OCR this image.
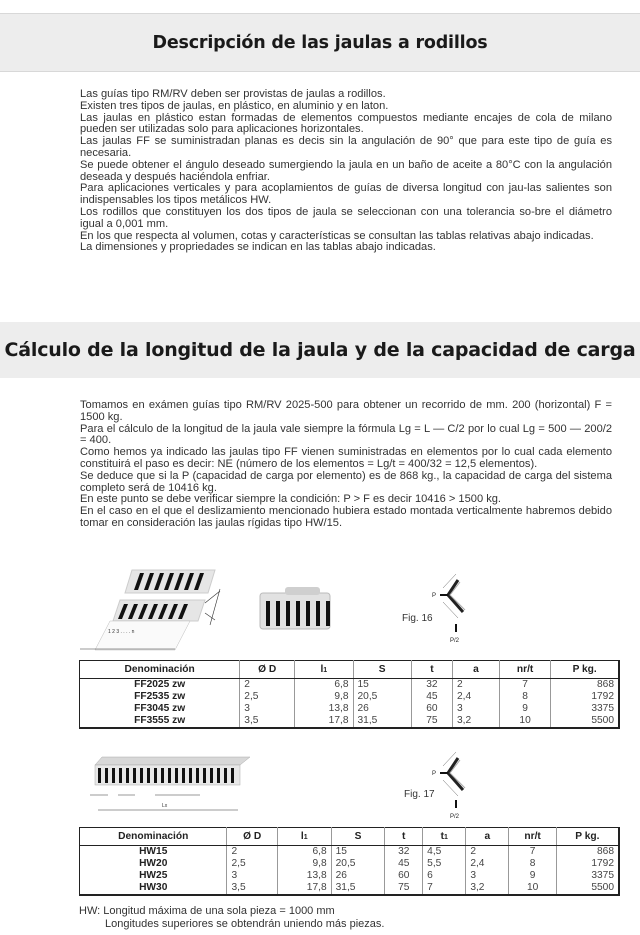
Descripción de las jaulas a rodillos

Las guías tipo RM/RV deben ser provistas de jaulas a rodillos.

Existen tres tipos de jaulas, en plástico, en aluminio y en laton.

Las jaulas en plástico estan formadas de elementos compuestos mediante encajes de cola de milano pueden ser utilizadas solo para aplicaciones horizontales.

Las jaulas FF se suministradan planas es decis sin la angulación de 90° que para este tipo de guía es necesaria.

Se puede obtener el ángulo deseado sumergiendo la jaula en un baño de aceite a 80°C con la angulación deseada y después haciéndola enfriar.

Para aplicaciones verticales y para acoplamientos de guías de diversa longitud con jau-las salientes son indispensables los tipos metálicos HW.

Los rodillos que constituyen los dos tipos de jaula se seleccionan con una tolerancia so-bre el diámetro igual a 0,001 mm.

En los que respecta al volumen, cotas y características se consultan las tablas relativas abajo indicadas.

La dimensiones y propriedades se indican en las tablas abajo indicadas.

Cálculo de la longitud de la jaula y de la capacidad de carga

Tomamos en exámen guías tipo RM/RV 2025-500 para obtener un recorrido de mm. 200 (horizontal) F = 1500 kg.

Para el cálculo de la longitud de la jaula vale siempre la fórmula Lg = L — C/2 por lo cual Lg = 500 — 200/2 = 400.

Como hemos ya indicado las jaulas tipo FF vienen suministradas en elementos por lo cual cada elemento constituirá el paso es decir: NE (número de los elementos = Lg/t = 400/32 = 12,5 elementos).

Se deduce que si la P (capacidad de carga por elemento) es de 868 kg., la capacidad de carga del sistema completo será de 10416 kg.

En este punto se debe verificar siempre la condición: P > F es decir 10416 > 1500 kg.

En el caso en el que el deslizamiento mencionado hubiera estado montada verticalmente habremos debido tomar en consideración las jaulas rígidas tipo HW/15.

1 2 3 . . . . n
Fig. 16
P
P/2
Denominación	Ø D	l1	S	t	a	nr/t	P kg.
FF2025 zw	2	6,8	15	32	2	7	868
FF2535 zw	2,5	9,8	20,5	45	2,4	8	1792
FF3045 zw	3	13,8	26	60	3	9	3375
FF3555 zw	3,5	17,8	31,5	75	3,2	10	5500
Lx
Fig. 17
P
P/2
Denominación	Ø D	l1	S	t	t1	a	nr/t	P kg.
HW15	2	6,8	15	32	4,5	2	7	868
HW20	2,5	9,8	20,5	45	5,5	2,4	8	1792
HW25	3	13,8	26	60	6	3	9	3375
HW30	3,5	17,8	31,5	75	7	3,2	10	5500
HW: Longitud máxima de una sola pieza = 1000 mm
Longitudes superiores se obtendrán uniendo más piezas.
